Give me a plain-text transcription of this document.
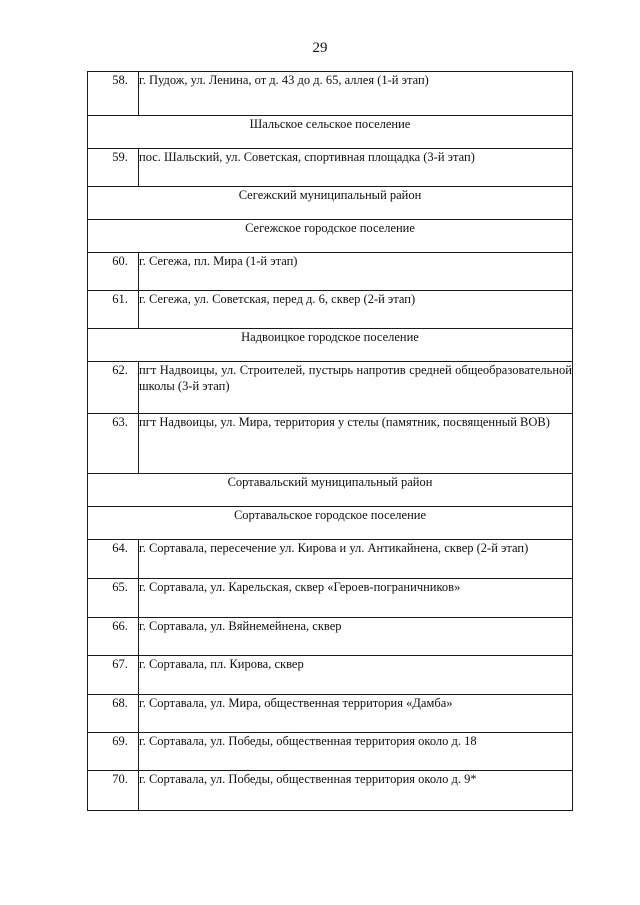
29
58.	г. Пудож, ул. Ленина, от д. 43 до д. 65, аллея (1-й этап)
Шальское сельское поселение	
59.	пос. Шальский, ул. Советская, спортивная площадка (3-й этап)
Сегежский муниципальный район	
Сегежское городское поселение	
60.	г. Сегежа, пл. Мира (1-й этап)
61.	г. Сегежа, ул. Советская, перед д. 6, сквер (2-й этап)
Надвоицкое городское поселение	
62.	пгт Надвоицы, ул. Строителей, пустырь напротив средней общеобразовательной школы (3-й этап)
63.	пгт Надвоицы, ул. Мира, территория у стелы (памятник, посвященный ВОВ)
Сортавальский муниципальный район	
Сортавальское городское поселение	
64.	г. Сортавала, пересечение ул. Кирова и ул. Антикайнена, сквер (2-й этап)
65.	г. Сортавала, ул. Карельская, сквер «Героев-пограничников»
66.	г. Сортавала, ул. Вяйнемейнена, сквер
67.	г. Сортавала, пл. Кирова, сквер
68.	г. Сортавала, ул. Мира, общественная территория «Дамба»
69.	г. Сортавала, ул. Победы, общественная территория около д. 18
70.	г. Сортавала, ул. Победы, общественная территория около д. 9*
